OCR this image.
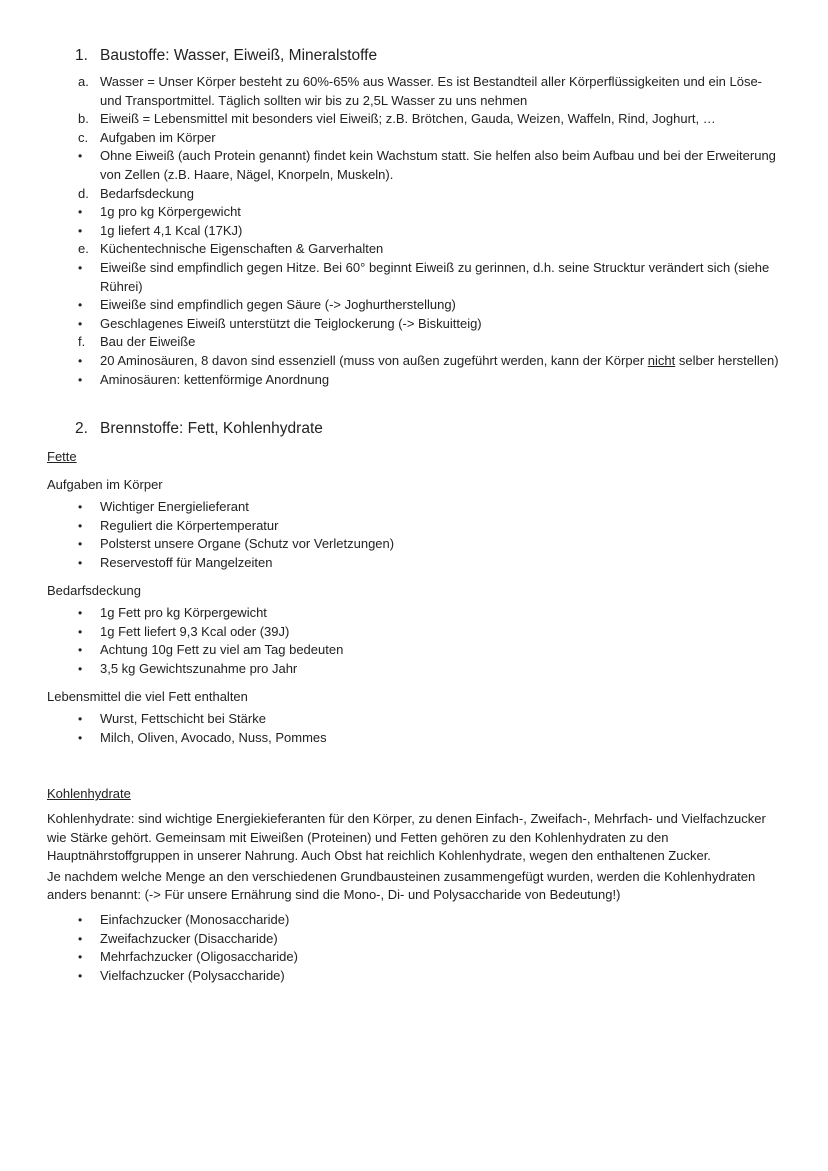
1. Baustoffe: Wasser, Eiweiß, Mineralstoffe
a. Wasser = Unser Körper besteht zu 60%-65% aus Wasser. Es ist Bestandteil aller Körperflüssigkeiten und ein Löse- und Transportmittel. Täglich sollten wir bis zu 2,5L Wasser zu uns nehmen
b. Eiweiß = Lebensmittel mit besonders viel Eiweiß; z.B. Brötchen, Gauda, Weizen, Waffeln, Rind, Joghurt, …
c. Aufgaben im Körper
•	Ohne Eiweiß (auch Protein genannt) findet kein Wachstum statt. Sie helfen also beim Aufbau und bei der Erweiterung von Zellen (z.B. Haare, Nägel, Knorpeln, Muskeln).
d. Bedarfsdeckung
•	1g pro kg Körpergewicht
•	1g liefert 4,1 Kcal (17KJ)
e. Küchentechnische Eigenschaften & Garverhalten
•	Eiweiße sind empfindlich gegen Hitze. Bei 60° beginnt Eiweiß zu gerinnen, d.h. seine Strucktur verändert sich (siehe Rührei)
•	Eiweiße sind empfindlich gegen Säure (-> Joghurtherstellung)
•	Geschlagenes Eiweiß unterstützt die Teiglockerung (-> Biskuitteig)
f.	Bau der Eiweiße
•	20 Aminosäuren, 8 davon sind essenziell (muss von außen zugeführt werden, kann der Körper nicht selber herstellen)
•	Aminosäuren: kettenförmige Anordnung
2. Brennstoffe: Fett, Kohlenhydrate
Fette
Aufgaben im Körper
•	Wichtiger Energielieferant
•	Reguliert die Körpertemperatur
•	Polsterst unsere Organe (Schutz vor Verletzungen)
•	Reservestoff für Mangelzeiten
Bedarfsdeckung
•	1g Fett pro kg Körpergewicht
•	1g Fett liefert 9,3 Kcal oder (39J)
•	Achtung 10g Fett zu viel am Tag bedeuten
•	3,5 kg Gewichtszunahme pro Jahr
Lebensmittel die viel Fett enthalten
•	Wurst, Fettschicht bei Stärke
•	Milch, Oliven, Avocado, Nuss, Pommes
Kohlenhydrate

Kohlenhydrate: sind wichtige Energiekieferanten für den Körper, zu denen Einfach-, Zweifach-, Mehrfach- und Vielfachzucker wie Stärke gehört. Gemeinsam mit Eiweißen (Proteinen) und Fetten gehören zu den Kohlenhydraten zu den Hauptnährstoffgruppen in unserer Nahrung. Auch Obst hat reichlich Kohlenhydrate, wegen den enthaltenen Zucker.

Je nachdem welche Menge an den verschiedenen Grundbausteinen zusammengefügt wurden, werden die Kohlenhydraten anders benannt: (-> Für unsere Ernährung sind die Mono-, Di- und Polysaccharide von Bedeutung!)

•	Einfachzucker (Monosaccharide)
•	Zweifachzucker (Disaccharide)
•	Mehrfachzucker (Oligosaccharide)
•	Vielfachzucker (Polysaccharide)
